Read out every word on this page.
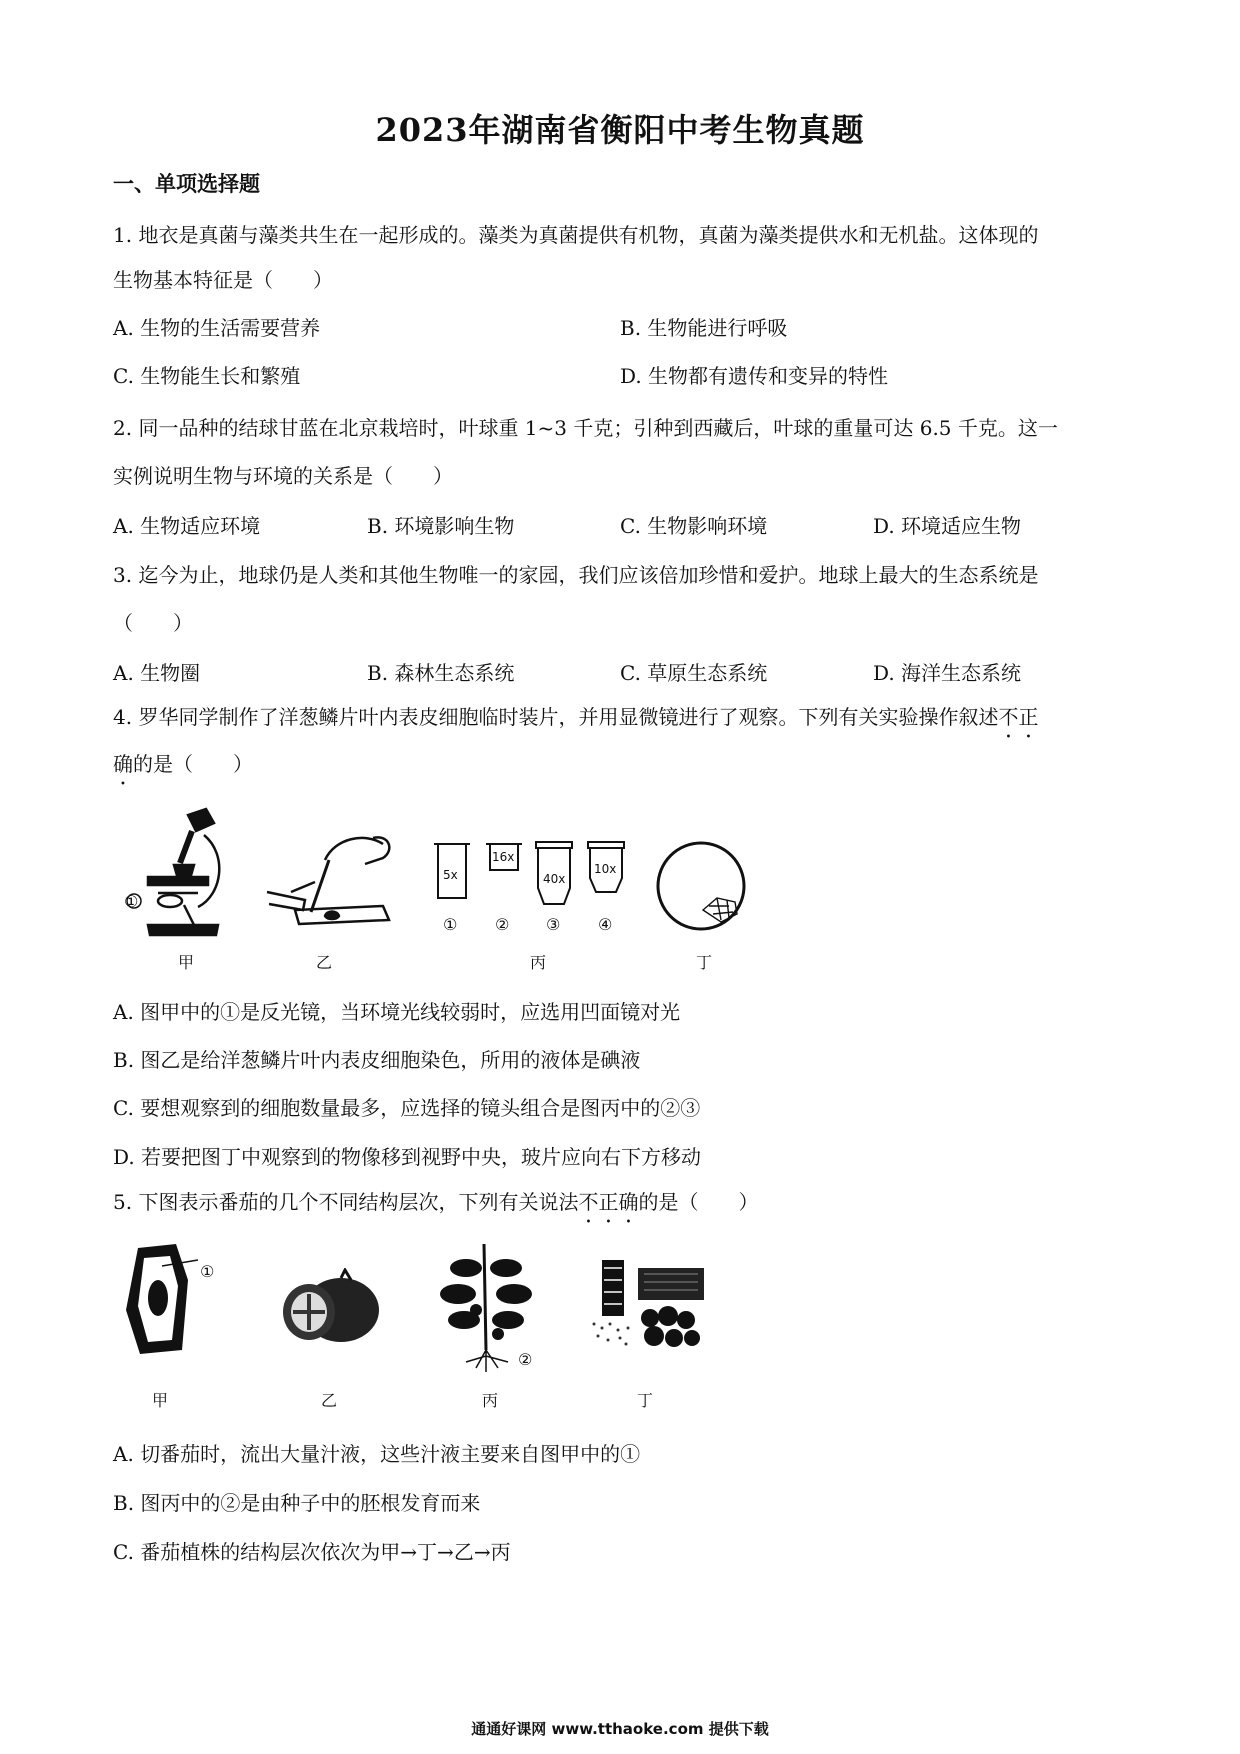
2023年湖南省衡阳中考生物真题
一、单项选择题
1. 地衣是真菌与藻类共生在一起形成的。藻类为真菌提供有机物，真菌为藻类提供水和无机盐。这体现的
生物基本特征是（　　）
A. 生物的生活需要营养	B. 生物能进行呼吸
C. 生物能生长和繁殖	D. 生物都有遗传和变异的特性
2. 同一品种的结球甘蓝在北京栽培时，叶球重 1~3 千克；引种到西藏后，叶球的重量可达 6.5 千克。这一
实例说明生物与环境的关系是（　　）
A. 生物适应环境	B. 环境影响生物	C. 生物影响环境	D. 环境适应生物
3. 迄今为止，地球仍是人类和其他生物唯一的家园，我们应该倍加珍惜和爱护。地球上最大的生态系统是
（　　）
A. 生物圈	B. 森林生态系统	C. 草原生态系统	D. 海洋生态系统
4. 罗华同学制作了洋葱鳞片叶内表皮细胞临时装片，并用显微镜进行了观察。下列有关实验操作叙述不正
确的是（　　）
①
甲	乙
5x
16x
40x
10x
① ② ③ ④
丙	丁
A. 图甲中的①是反光镜，当环境光线较弱时，应选用凹面镜对光
B. 图乙是给洋葱鳞片叶内表皮细胞染色，所用的液体是碘液
C. 要想观察到的细胞数量最多，应选择的镜头组合是图丙中的②③
D. 若要把图丁中观察到的物像移到视野中央，玻片应向右下方移动
5. 下图表示番茄的几个不同结构层次，下列有关说法不正确的是（　　）
①
甲	乙
②
丙	丁
A. 切番茄时，流出大量汁液，这些汁液主要来自图甲中的①
B. 图丙中的②是由种子中的胚根发育而来
C. 番茄植株的结构层次依次为甲→丁→乙→丙
通通好课网 www.tthaoke.com 提供下载
